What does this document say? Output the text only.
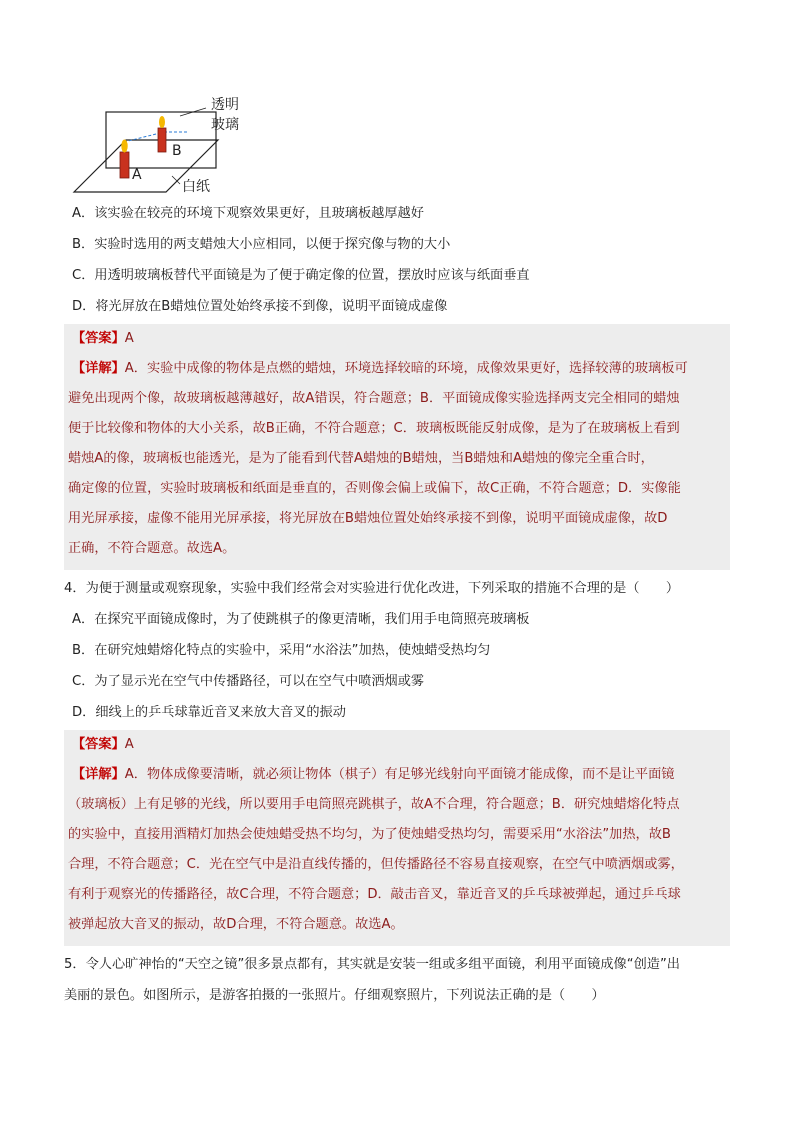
透明
玻璃
B
A
白纸
A．该实验在较亮的环境下观察效果更好，且玻璃板越厚越好
B．实验时选用的两支蜡烛大小应相同，以便于探究像与物的大小
C．用透明玻璃板替代平面镜是为了便于确定像的位置，摆放时应该与纸面垂直
D．将光屏放在B蜡烛位置处始终承接不到像，说明平面镜成虚像
【答案】A
【详解】A．实验中成像的物体是点燃的蜡烛，环境选择较暗的环境，成像效果更好，选择较薄的玻璃板可
避免出现两个像，故玻璃板越薄越好，故A错误，符合题意；B．平面镜成像实验选择两支完全相同的蜡烛
便于比较像和物体的大小关系，故B正确，不符合题意；C．玻璃板既能反射成像，是为了在玻璃板上看到
蜡烛A的像，玻璃板也能透光，是为了能看到代替A蜡烛的B蜡烛，当B蜡烛和A蜡烛的像完全重合时，
确定像的位置，实验时玻璃板和纸面是垂直的，否则像会偏上或偏下，故C正确，不符合题意；D．实像能
用光屏承接，虚像不能用光屏承接，将光屏放在B蜡烛位置处始终承接不到像，说明平面镜成虚像，故D
正确，不符合题意。故选A。
4．为便于测量或观察现象，实验中我们经常会对实验进行优化改进，下列采取的措施不合理的是（　　）
A．在探究平面镜成像时，为了使跳棋子的像更清晰，我们用手电筒照亮玻璃板
B．在研究烛蜡熔化特点的实验中，采用“水浴法”加热，使烛蜡受热均匀
C．为了显示光在空气中传播路径，可以在空气中喷洒烟或雾
D．细线上的乒乓球靠近音叉来放大音叉的振动
【答案】A
【详解】A．物体成像要清晰，就必须让物体（棋子）有足够光线射向平面镜才能成像，而不是让平面镜
（玻璃板）上有足够的光线，所以要用手电筒照亮跳棋子，故A不合理，符合题意；B．研究烛蜡熔化特点
的实验中，直接用酒精灯加热会使烛蜡受热不均匀，为了使烛蜡受热均匀，需要采用“水浴法”加热，故B
合理，不符合题意；C．光在空气中是沿直线传播的，但传播路径不容易直接观察，在空气中喷洒烟或雾，
有利于观察光的传播路径，故C合理，不符合题意；D．敲击音叉，靠近音叉的乒乓球被弹起，通过乒乓球
被弹起放大音叉的振动，故D合理，不符合题意。故选A。
5．令人心旷神怡的“天空之镜”很多景点都有，其实就是安装一组或多组平面镜，利用平面镜成像“创造”出
美丽的景色。如图所示，是游客拍摄的一张照片。仔细观察照片，下列说法正确的是（　　）
